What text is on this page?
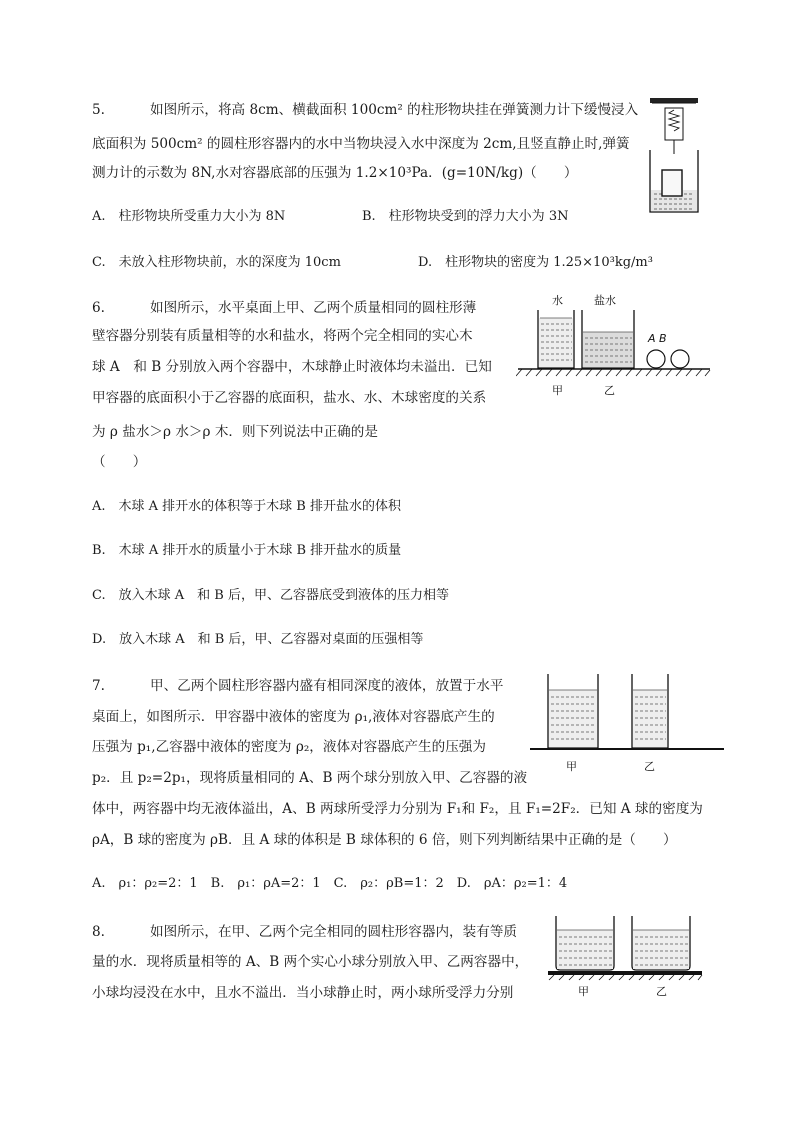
5.	如图所示，将高 8cm、横截面积 100cm² 的柱形物块挂在弹簧测力计下缓慢浸入
底面积为 500cm² 的圆柱形容器内的水中当物块浸入水中深度为 2cm,且竖直静止时,弹簧
测力计的示数为 8N,水对容器底部的压强为 1.2×10³Pa．(g=10N/kg)（　　）
A.　柱形物块所受重力大小为 8N	B.　柱形物块受到的浮力大小为 3N
C.　未放入柱形物块前，水的深度为 10cm	D.　柱形物块的密度为 1.25×10³kg/m³
6.	如图所示，水平桌面上甲、乙两个质量相同的圆柱形薄
壁容器分别装有质量相等的水和盐水，将两个完全相同的实心木
球 A　和 B 分别放入两个容器中，木球静止时液体均未溢出．已知
甲容器的底面积小于乙容器的底面积，盐水、水、木球密度的关系
为 ρ 盐水＞ρ 水＞ρ 木．则下列说法中正确的是
（　　）
A.　木球 A 排开水的体积等于木球 B 排开盐水的体积
B.　木球 A 排开水的质量小于木球 B 排开盐水的质量
C.　放入木球 A　和 B 后，甲、乙容器底受到液体的压力相等
D.　放入木球 A　和 B 后，甲、乙容器对桌面的压强相等
水	盐水
A B
甲	乙
7.	甲、乙两个圆柱形容器内盛有相同深度的液体，放置于水平
桌面上，如图所示．甲容器中液体的密度为 ρ₁,液体对容器底产生的
压强为 p₁,乙容器中液体的密度为 ρ₂，液体对容器底产生的压强为
p₂．且 p₂=2p₁，现将质量相同的 A、B 两个球分别放入甲、乙容器的液
体中，两容器中均无液体溢出，A、B 两球所受浮力分别为 F₁和 F₂，且 F₁=2F₂．已知 A 球的密度为
ρA，B 球的密度为 ρB．且 A 球的体积是 B 球体积的 6 倍，则下列判断结果中正确的是（　　）
A.　ρ₁：ρ₂=2：1　B.　ρ₁：ρA=2：1　C.　ρ₂：ρB=1：2　D.　ρA：ρ₂=1：4
甲	乙
8.	如图所示，在甲、乙两个完全相同的圆柱形容器内，装有等质
量的水．现将质量相等的 A、B 两个实心小球分别放入甲、乙两容器中，
小球均浸没在水中，且水不溢出．当小球静止时，两小球所受浮力分别	甲	乙
